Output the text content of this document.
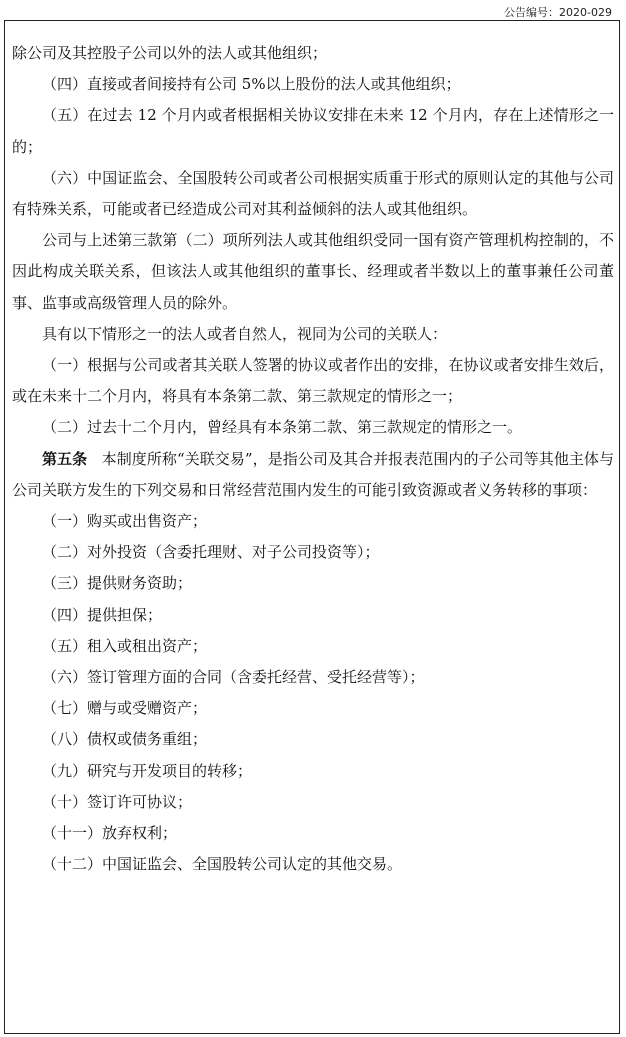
公告编号：2020-029

除公司及其控股子公司以外的法人或其他组织；

（四）直接或者间接持有公司 5%以上股份的法人或其他组织；

（五）在过去 12 个月内或者根据相关协议安排在未来 12 个月内，存在上述情形之一的；

（六）中国证监会、全国股转公司或者公司根据实质重于形式的原则认定的其他与公司有特殊关系，可能或者已经造成公司对其利益倾斜的法人或其他组织。

公司与上述第三款第（二）项所列法人或其他组织受同一国有资产管理机构控制的，不因此构成关联关系，但该法人或其他组织的董事长、经理或者半数以上的董事兼任公司董事、监事或高级管理人员的除外。

具有以下情形之一的法人或者自然人，视同为公司的关联人：

（一）根据与公司或者其关联人签署的协议或者作出的安排，在协议或者安排生效后，或在未来十二个月内，将具有本条第二款、第三款规定的情形之一；

（二）过去十二个月内，曾经具有本条第二款、第三款规定的情形之一。

第五条 本制度所称“关联交易”，是指公司及其合并报表范围内的子公司等其他主体与公司关联方发生的下列交易和日常经营范围内发生的可能引致资源或者义务转移的事项：

（一）购买或出售资产；

（二）对外投资（含委托理财、对子公司投资等）；

（三）提供财务资助；

（四）提供担保；

（五）租入或租出资产；

（六）签订管理方面的合同（含委托经营、受托经营等）；

（七）赠与或受赠资产；

（八）债权或债务重组；

（九）研究与开发项目的转移；

（十）签订许可协议；

（十一）放弃权利；

（十二）中国证监会、全国股转公司认定的其他交易。
